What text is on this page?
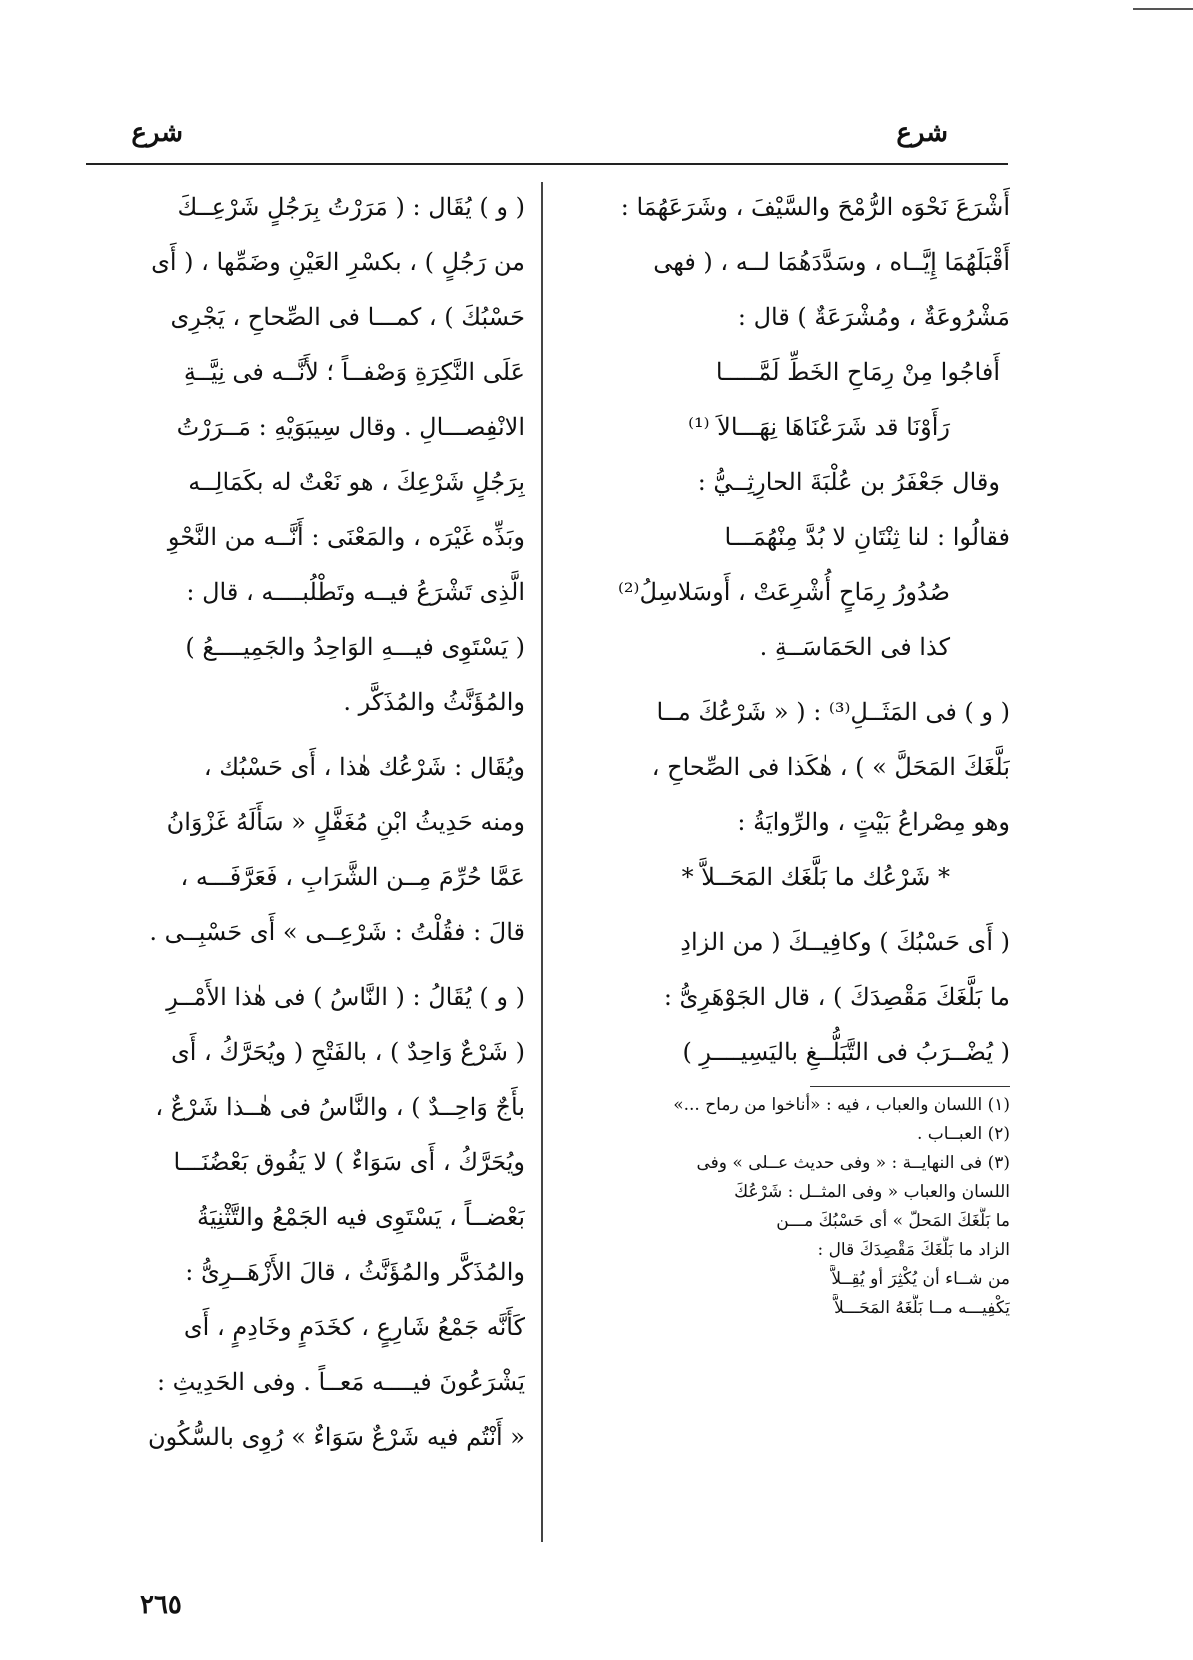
شرع
شرع
أَشْرَعَ نَحْوَه الرُّمْحَ والسَّيْفَ ، وشَرَعَهُمَا :
أَقْبَلَهُمَا إِيَّــاه ، وسَدَّدَهُمَا لــه ، ( فهى
مَشْرُوعَةٌ ، ومُشْرَعَةٌ ) قال :
أَفاجُوا مِنْ رِمَاحِ الخَطِّ لَمَّـــــا
رَأَوْنَا قد شَرَعْنَاهَا نِهَـــالاَ ⁽¹⁾
وقال جَعْفَرُ بن عُلْبَةَ الحارِثِــيُّ :
فقالُوا : لنا ثِنْتَانِ لا بُدَّ مِنْهُمَـــا
صُدُورُ رِمَاحٍ أُشْرِعَتْ ، أَوسَلاسِلُ⁽²⁾
كذا فى الحَمَاسَــةِ .
( و ) فى المَثَــلِ⁽³⁾ : ( « شَرْعُكَ مــا
بَلَّغَكَ المَحَلَّ » ) ، هٰكَذا فى الصِّحاحِ ،
وهو مِصْراعُ بَيْتٍ ، والرِّوايَةُ :
* شَرْعُك ما بَلَّغَك المَحَــلاَّ *
( أَى حَسْبُكَ ) وكافِيــكَ ( من الزادِ
ما بَلَّغَكَ مَقْصِدَكَ ) ، قال الجَوْهَرِىُّ :
( يُضْــرَبُ فى التَّبَلُّــغِ باليَسِيــــرِ )
(١) اللسان والعباب ، فيه : «أناخوا من رماح ...»
(٢) العبــاب .
(٣) فى النهايــة : « وفى حديث عــلى » وفى
اللسان والعباب « وفى المثــل : شَرْعُكَ
ما بَلَّغَكَ المَحلّ » أى حَسْبُكَ مـــن
الزاد ما بَلَّغَكَ مَقْصِدَكَ قال :
من شــاء أن يُكْثِرَ أو يُقِــلاَّ
يَكْفِيـــه مــا بَلَّغَهُ المَحَـــلاَّ
( و ) يُقَال : ( مَرَرْتُ بِرَجُلٍ شَرْعِــكَ
من رَجُلٍ ) ، بكسْرِ العَيْنِ وضَمِّها ، ( أَى
حَسْبُكَ ) ، كمـــا فى الصِّحاحِ ، يَجْرِى
عَلَى النَّكِرَةِ وَصْفــاً ؛ لأَنَّــه فى نِيَّــةِ
الانْفِصـــالِ . وقال سِيبَوَيْهِ : مَــرَرْتُ
بِرَجُلٍ شَرْعِكَ ، هو نَعْتٌ له بكَمَالِــه
وبَذِّه غَيْرَه ، والمَعْنَى : أَنَّــه من النَّحْوِ
الَّذِى تَشْرَعُ فيــه وتَطْلُبــــه ، قال :
( يَسْتَوِى فيـــهِ الوَاحِدُ والجَمِيــــعُ )
والمُؤَنَّثُ والمُذَكَّر .
ويُقَال : شَرْعُك هٰذا ، أَى حَسْبُك ،
ومنه حَدِيثُ ابْنِ مُغَفَّلٍ « سَأَلَهُ غَزْوَانُ
عَمَّا حُرِّمَ مِــن الشَّرَابِ ، فَعَرَّفَـــه ،
قالَ : فقُلْتُ : شَرْعِــى » أَى حَسْبِــى .
( و ) يُقَالُ : ( النَّاسُ ) فى هٰذا الأَمْــرِ
( شَرْعٌ وَاحِدٌ ) ، بالفَتْحِ ( ويُحَرَّكُ ، أَى
بأَجٌ وَاحِــدٌ ) ، والنَّاسُ فى هٰــذا شَرْعٌ ،
ويُحَرَّكُ ، أَى سَوَاءٌ ) لا يَفُوق بَعْضُنَـــا
بَعْضــاً ، يَسْتَوِى فيه الجَمْعُ والتَّثْنِيَةُ
والمُذَكَّر والمُؤَنَّثُ ، قالَ الأَزْهَــرِىُّ :
كَأَنَّه جَمْعُ شَارِعٍ ، كخَدَمٍ وخَادِمٍ ، أَى
يَشْرَعُونَ فيــــه مَعــاً . وفى الحَدِيثِ :
« أَنْتُم فيه شَرْعٌ سَوَاءٌ » رُوِى بالسُّكُون
٢٦٥
